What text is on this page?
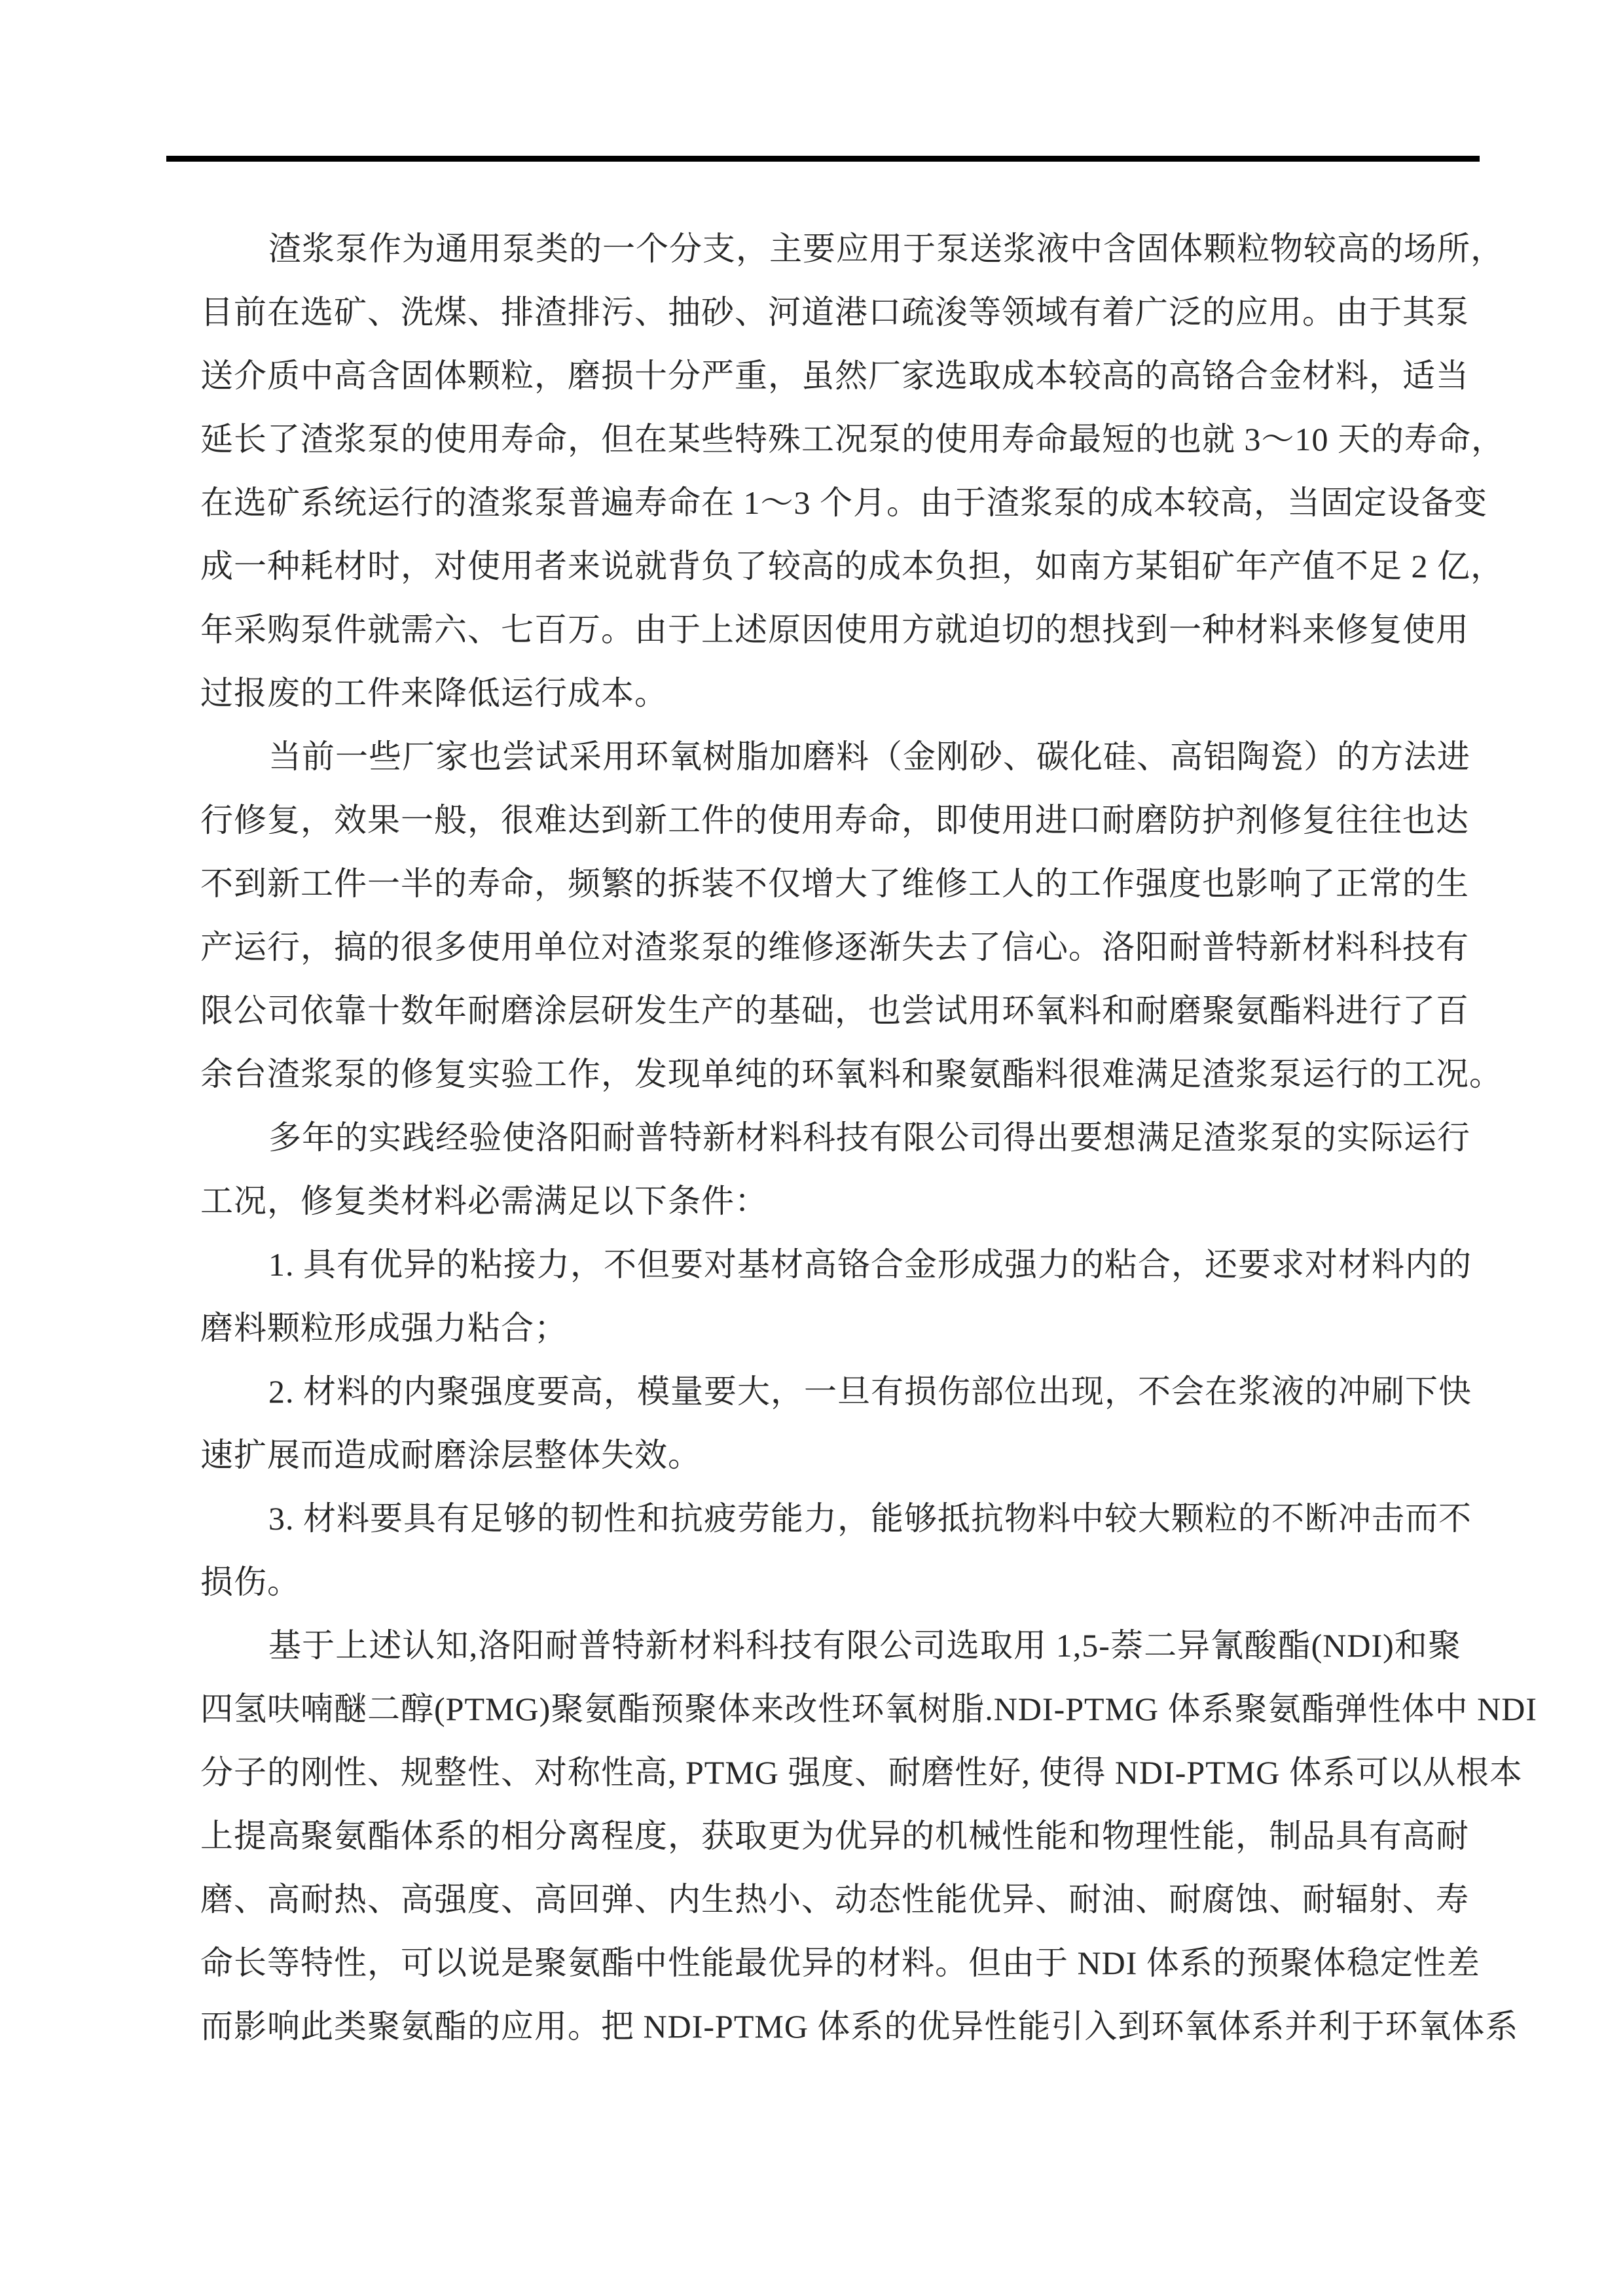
渣浆泵作为通用泵类的一个分支，主要应用于泵送浆液中含固体颗粒物较高的场所，
目前在选矿、洗煤、排渣排污、抽砂、河道港口疏浚等领域有着广泛的应用。由于其泵
送介质中高含固体颗粒，磨损十分严重，虽然厂家选取成本较高的高铬合金材料，适当
延长了渣浆泵的使用寿命，但在某些特殊工况泵的使用寿命最短的也就 3～10 天的寿命，
在选矿系统运行的渣浆泵普遍寿命在 1～3 个月。由于渣浆泵的成本较高，当固定设备变
成一种耗材时，对使用者来说就背负了较高的成本负担，如南方某钼矿年产值不足 2 亿，
年采购泵件就需六、七百万。由于上述原因使用方就迫切的想找到一种材料来修复使用
过报废的工件来降低运行成本。
当前一些厂家也尝试采用环氧树脂加磨料（金刚砂、碳化硅、高铝陶瓷）的方法进
行修复，效果一般，很难达到新工件的使用寿命，即使用进口耐磨防护剂修复往往也达
不到新工件一半的寿命，频繁的拆装不仅增大了维修工人的工作强度也影响了正常的生
产运行，搞的很多使用单位对渣浆泵的维修逐渐失去了信心。洛阳耐普特新材料科技有
限公司依靠十数年耐磨涂层研发生产的基础，也尝试用环氧料和耐磨聚氨酯料进行了百
余台渣浆泵的修复实验工作，发现单纯的环氧料和聚氨酯料很难满足渣浆泵运行的工况。
多年的实践经验使洛阳耐普特新材料科技有限公司得出要想满足渣浆泵的实际运行
工况，修复类材料必需满足以下条件：
1. 具有优异的粘接力，不但要对基材高铬合金形成强力的粘合，还要求对材料内的
磨料颗粒形成强力粘合；
2. 材料的内聚强度要高，模量要大，一旦有损伤部位出现，不会在浆液的冲刷下快
速扩展而造成耐磨涂层整体失效。
3. 材料要具有足够的韧性和抗疲劳能力，能够抵抗物料中较大颗粒的不断冲击而不
损伤。
基于上述认知,洛阳耐普特新材料科技有限公司选取用 1,5-萘二异氰酸酯(NDI)和聚
四氢呋喃醚二醇(PTMG)聚氨酯预聚体来改性环氧树脂.NDI-PTMG 体系聚氨酯弹性体中 NDI
分子的刚性、规整性、对称性高, PTMG 强度、耐磨性好, 使得 NDI-PTMG 体系可以从根本
上提高聚氨酯体系的相分离程度，获取更为优异的机械性能和物理性能，制品具有高耐
磨、高耐热、高强度、高回弹、内生热小、动态性能优异、耐油、耐腐蚀、耐辐射、寿
命长等特性，可以说是聚氨酯中性能最优异的材料。但由于 NDI 体系的预聚体稳定性差
而影响此类聚氨酯的应用。把 NDI-PTMG 体系的优异性能引入到环氧体系并利于环氧体系
